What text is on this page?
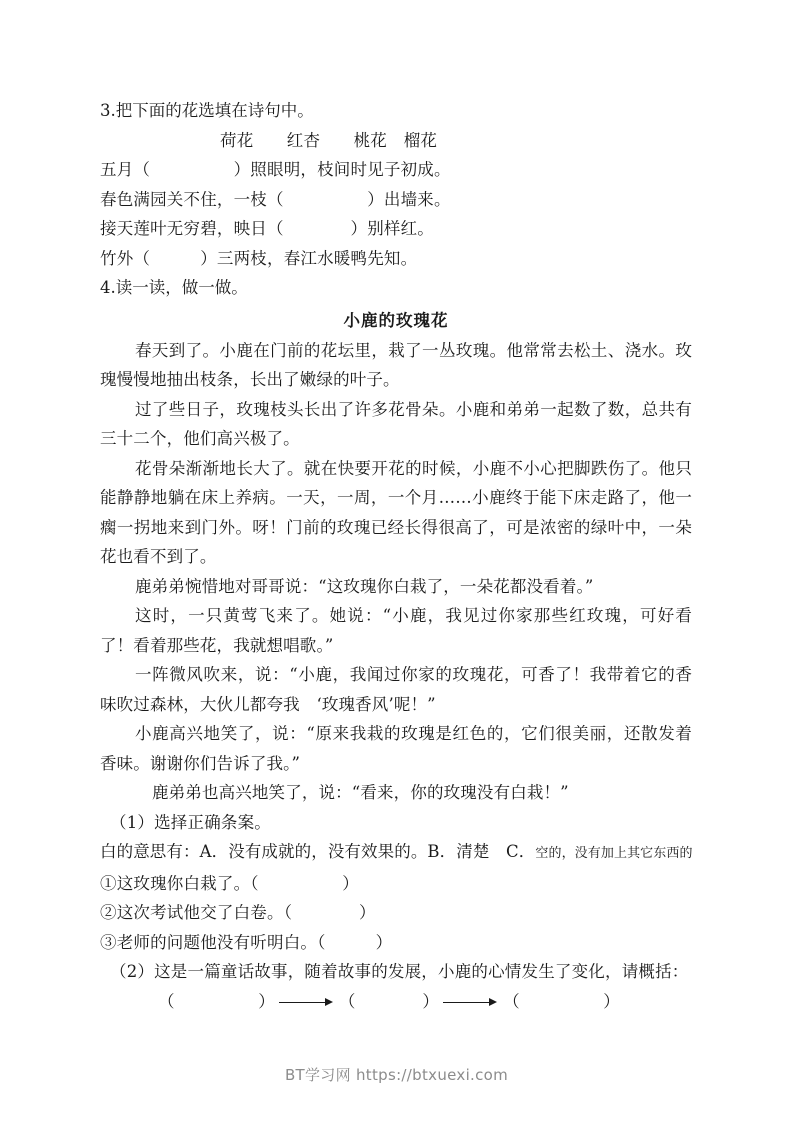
3.把下面的花选填在诗句中。
荷花　　红杏　　桃花　榴花
五月（　　　　　）照眼明，枝间时见子初成。
春色满园关不住，一枝（　　　　　）出墙来。
接天莲叶无穷碧，映日（　　　　）别样红。
竹外（　　　）三两枝，春江水暖鸭先知。
4.读一读，做一做。
小鹿的玫瑰花
春天到了。小鹿在门前的花坛里，栽了一丛玫瑰。他常常去松土、浇水。玫瑰慢慢地抽出枝条，长出了嫩绿的叶子。
过了些日子，玫瑰枝头长出了许多花骨朵。小鹿和弟弟一起数了数，总共有三十二个，他们高兴极了。
花骨朵渐渐地长大了。就在快要开花的时候，小鹿不小心把脚跌伤了。他只能静静地躺在床上养病。一天，一周，一个月……小鹿终于能下床走路了，他一瘸一拐地来到门外。呀！门前的玫瑰已经长得很高了，可是浓密的绿叶中，一朵花也看不到了。
鹿弟弟惋惜地对哥哥说：“这玫瑰你白栽了，一朵花都没看着。”
这时，一只黄莺飞来了。她说：“小鹿，我见过你家那些红玫瑰，可好看了！看着那些花，我就想唱歌。”
一阵微风吹来，说：“小鹿，我闻过你家的玫瑰花，可香了！我带着它的香味吹过森林，大伙儿都夸我　‘玫瑰香风’呢！”
小鹿高兴地笑了，说：“原来我栽的玫瑰是红色的，它们很美丽，还散发着香味。谢谢你们告诉了我。”
鹿弟弟也高兴地笑了，说：“看来，你的玫瑰没有白栽！”
（1）选择正确条案。
白的意思有：A．没有成就的，没有效果的。B．清楚　C．空的，没有加上其它东西的
①这玫瑰你白栽了。（　　　　　）
②这次考试他交了白卷。（　　　　）
③老师的问题他没有听明白。（　　　）
（2）这是一篇童话故事，随着故事的发展，小鹿的心情发生了变化，请概括：
（　　　　　）	（　　　　）	（　　　　　）
BT学习网 https://btxuexi.com
